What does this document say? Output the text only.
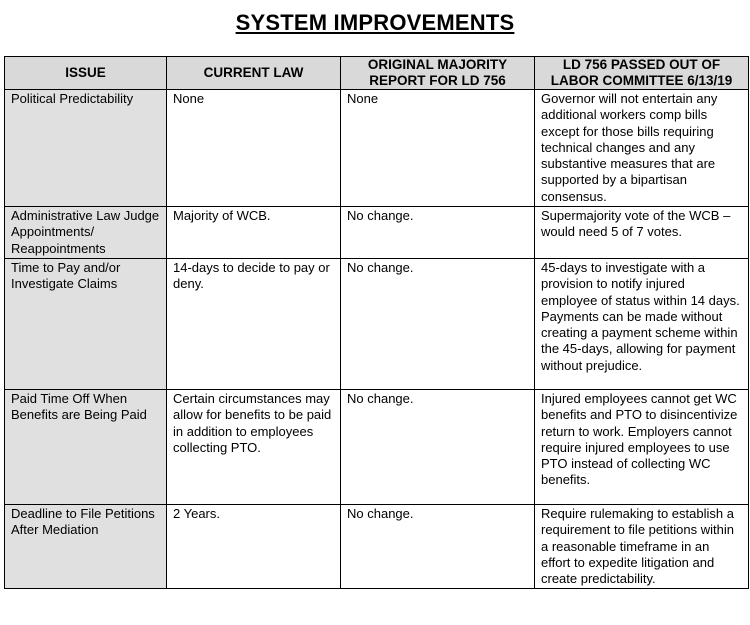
SYSTEM IMPROVEMENTS
ISSUE	CURRENT LAW	ORIGINAL MAJORITY REPORT FOR LD 756	LD 756 PASSED OUT OF LABOR COMMITTEE 6/13/19
Political Predictability	None	None	Governor will not entertain any additional workers comp bills except for those bills requiring technical changes and any substantive measures that are supported by a bipartisan consensus.
Administrative Law Judge Appointments/ Reappointments	Majority of WCB.	No change.	Supermajority vote of the WCB – would need 5 of 7 votes.
Time to Pay and/or Investigate Claims	14-days to decide to pay or deny.	No change.	45-days to investigate with a provision to notify injured employee of status within 14 days. Payments can be made without creating a payment scheme within the 45-days, allowing for payment without prejudice.
Paid Time Off When Benefits are Being Paid	Certain circumstances may allow for benefits to be paid in addition to employees collecting PTO.	No change.	Injured employees cannot get WC benefits and PTO to disincentivize return to work. Employers cannot require injured employees to use PTO instead of collecting WC benefits.
Deadline to File Petitions After Mediation	2 Years.	No change.	Require rulemaking to establish a requirement to file petitions within a reasonable timeframe in an effort to expedite litigation and create predictability.
